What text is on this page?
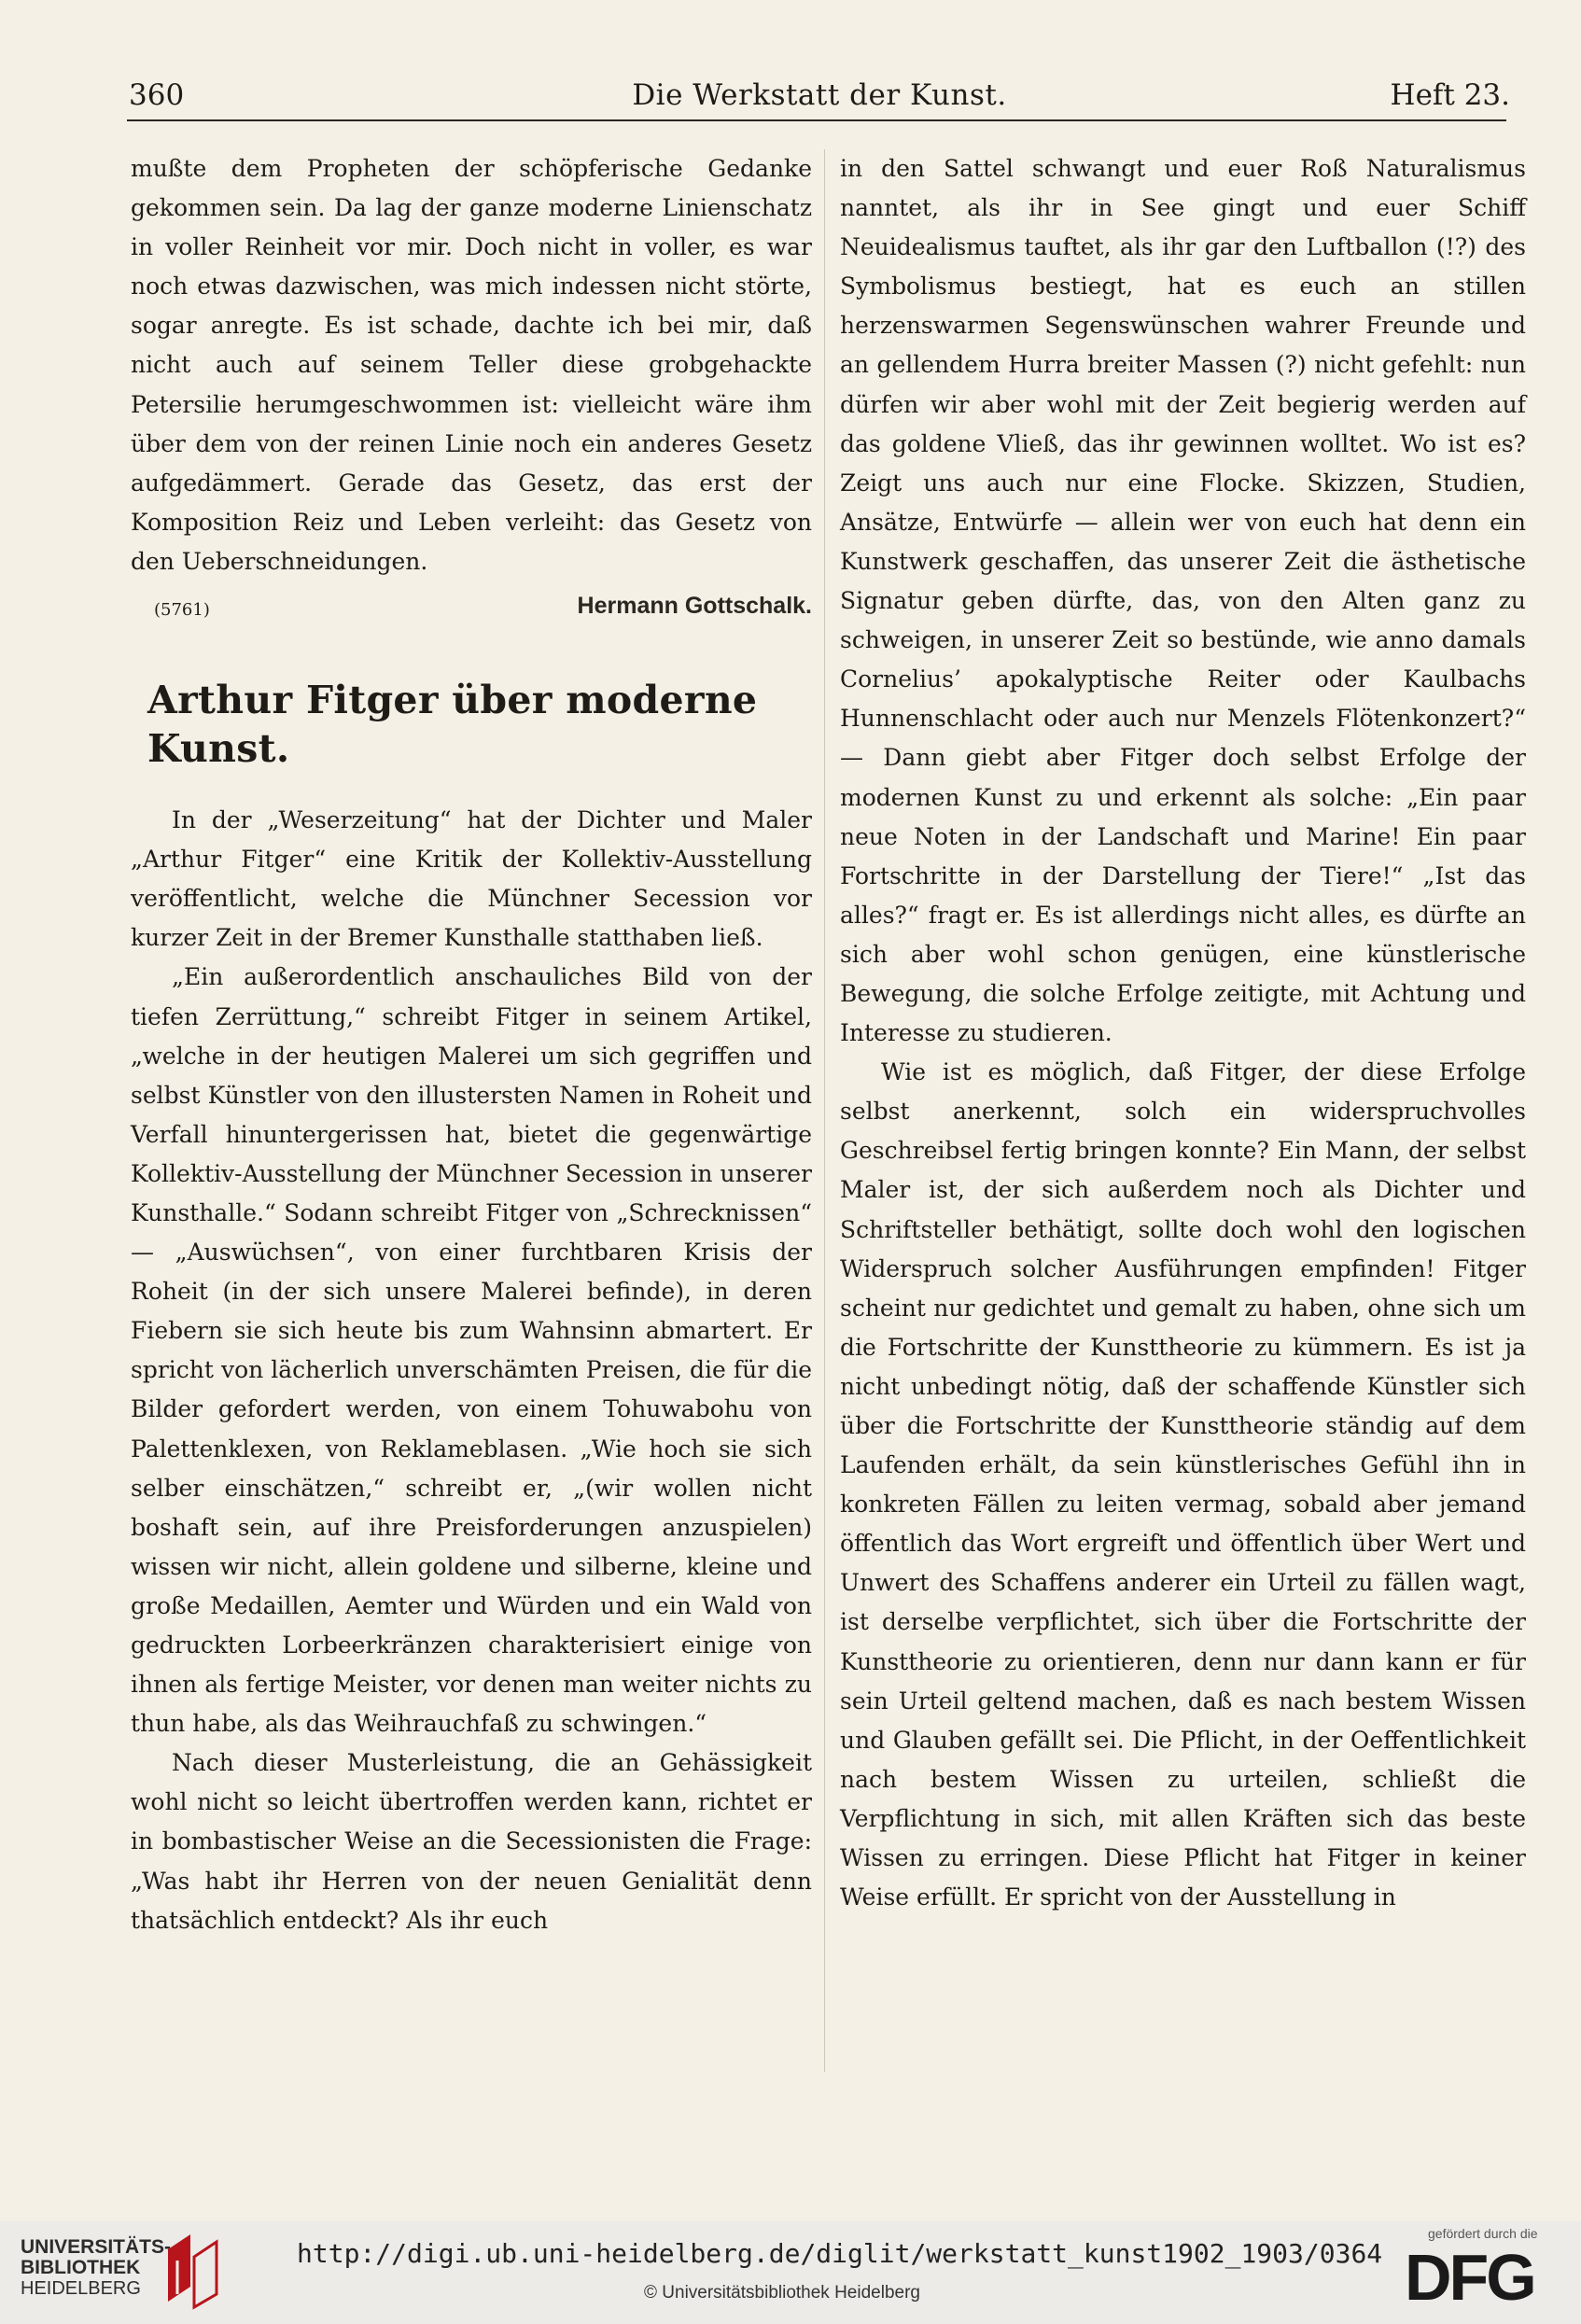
360	Die Werkstatt der Kunst.	Heft 23.

mußte dem Propheten der schöpferische Gedanke gekommen sein. Da lag der ganze moderne Linienschatz in voller Reinheit vor mir. Doch nicht in voller, es war noch etwas dazwischen, was mich indessen nicht störte, sogar anregte. Es ist schade, dachte ich bei mir, daß nicht auch auf seinem Teller diese grobgehackte Petersilie herumgeschwommen ist: vielleicht wäre ihm über dem von der reinen Linie noch ein anderes Gesetz aufgedämmert. Gerade das Gesetz, das erst der Komposition Reiz und Leben verleiht: das Gesetz von den Ueberschneidungen.

(5761)	Hermann Gottschalk.
Arthur Fitger über moderne Kunst.

In der „Weserzeitung“ hat der Dichter und Maler „Arthur Fitger“ eine Kritik der Kollektiv-Ausstellung veröffentlicht, welche die Münchner Secession vor kurzer Zeit in der Bremer Kunsthalle statthaben ließ.

„Ein außerordentlich anschauliches Bild von der tiefen Zerrüttung,“ schreibt Fitger in seinem Artikel, „welche in der heutigen Malerei um sich gegriffen und selbst Künstler von den illustersten Namen in Roheit und Verfall hinuntergerissen hat, bietet die gegenwärtige Kollektiv-Ausstellung der Münchner Secession in unserer Kunsthalle.“ Sodann schreibt Fitger von „Schrecknissen“ — „Auswüchsen“, von einer furchtbaren Krisis der Roheit (in der sich unsere Malerei befinde), in deren Fiebern sie sich heute bis zum Wahnsinn abmartert. Er spricht von lächerlich unverschämten Preisen, die für die Bilder gefordert werden, von einem Tohuwabohu von Palettenklexen, von Reklameblasen. „Wie hoch sie sich selber einschätzen,“ schreibt er, „(wir wollen nicht boshaft sein, auf ihre Preisforderungen anzuspielen) wissen wir nicht, allein goldene und silberne, kleine und große Medaillen, Aemter und Würden und ein Wald von gedruckten Lorbeerkränzen charakterisiert einige von ihnen als fertige Meister, vor denen man weiter nichts zu thun habe, als das Weihrauchfaß zu schwingen.“

Nach dieser Musterleistung, die an Gehässigkeit wohl nicht so leicht übertroffen werden kann, richtet er in bombastischer Weise an die Secessionisten die Frage: „Was habt ihr Herren von der neuen Genialität denn thatsächlich entdeckt? Als ihr euch

in den Sattel schwangt und euer Roß Naturalismus nanntet, als ihr in See gingt und euer Schiff Neuidealismus tauftet, als ihr gar den Luftballon (!?) des Symbolismus bestiegt, hat es euch an stillen herzenswarmen Segenswünschen wahrer Freunde und an gellendem Hurra breiter Massen (?) nicht gefehlt: nun dürfen wir aber wohl mit der Zeit begierig werden auf das goldene Vließ, das ihr gewinnen wolltet. Wo ist es? Zeigt uns auch nur eine Flocke. Skizzen, Studien, Ansätze, Entwürfe — allein wer von euch hat denn ein Kunstwerk geschaffen, das unserer Zeit die ästhetische Signatur geben dürfte, das, von den Alten ganz zu schweigen, in unserer Zeit so bestünde, wie anno damals Cornelius’ apokalyptische Reiter oder Kaulbachs Hunnenschlacht oder auch nur Menzels Flötenkonzert?“ — Dann giebt aber Fitger doch selbst Erfolge der modernen Kunst zu und erkennt als solche: „Ein paar neue Noten in der Landschaft und Marine! Ein paar Fortschritte in der Darstellung der Tiere!“ „Ist das alles?“ fragt er. Es ist allerdings nicht alles, es dürfte an sich aber wohl schon genügen, eine künstlerische Bewegung, die solche Erfolge zeitigte, mit Achtung und Interesse zu studieren.

Wie ist es möglich, daß Fitger, der diese Erfolge selbst anerkennt, solch ein widerspruchvolles Geschreibsel fertig bringen konnte? Ein Mann, der selbst Maler ist, der sich außerdem noch als Dichter und Schriftsteller bethätigt, sollte doch wohl den logischen Widerspruch solcher Ausführungen empfinden! Fitger scheint nur gedichtet und gemalt zu haben, ohne sich um die Fortschritte der Kunsttheorie zu kümmern. Es ist ja nicht unbedingt nötig, daß der schaffende Künstler sich über die Fortschritte der Kunsttheorie ständig auf dem Laufenden erhält, da sein künstlerisches Gefühl ihn in konkreten Fällen zu leiten vermag, sobald aber jemand öffentlich das Wort ergreift und öffentlich über Wert und Unwert des Schaffens anderer ein Urteil zu fällen wagt, ist derselbe verpflichtet, sich über die Fortschritte der Kunsttheorie zu orientieren, denn nur dann kann er für sein Urteil geltend machen, daß es nach bestem Wissen und Glauben gefällt sei. Die Pflicht, in der Oeffentlichkeit nach bestem Wissen zu urteilen, schließt die Verpflichtung in sich, mit allen Kräften sich das beste Wissen zu erringen. Diese Pflicht hat Fitger in keiner Weise erfüllt. Er spricht von der Ausstellung in

UNIVERSITÄTS-
BIBLIOTHEK
HEIDELBERG
http://digi.ub.uni-heidelberg.de/diglit/werkstatt_kunst1902_1903/0364
© Universitätsbibliothek Heidelberg
gefördert durch die
DFG
